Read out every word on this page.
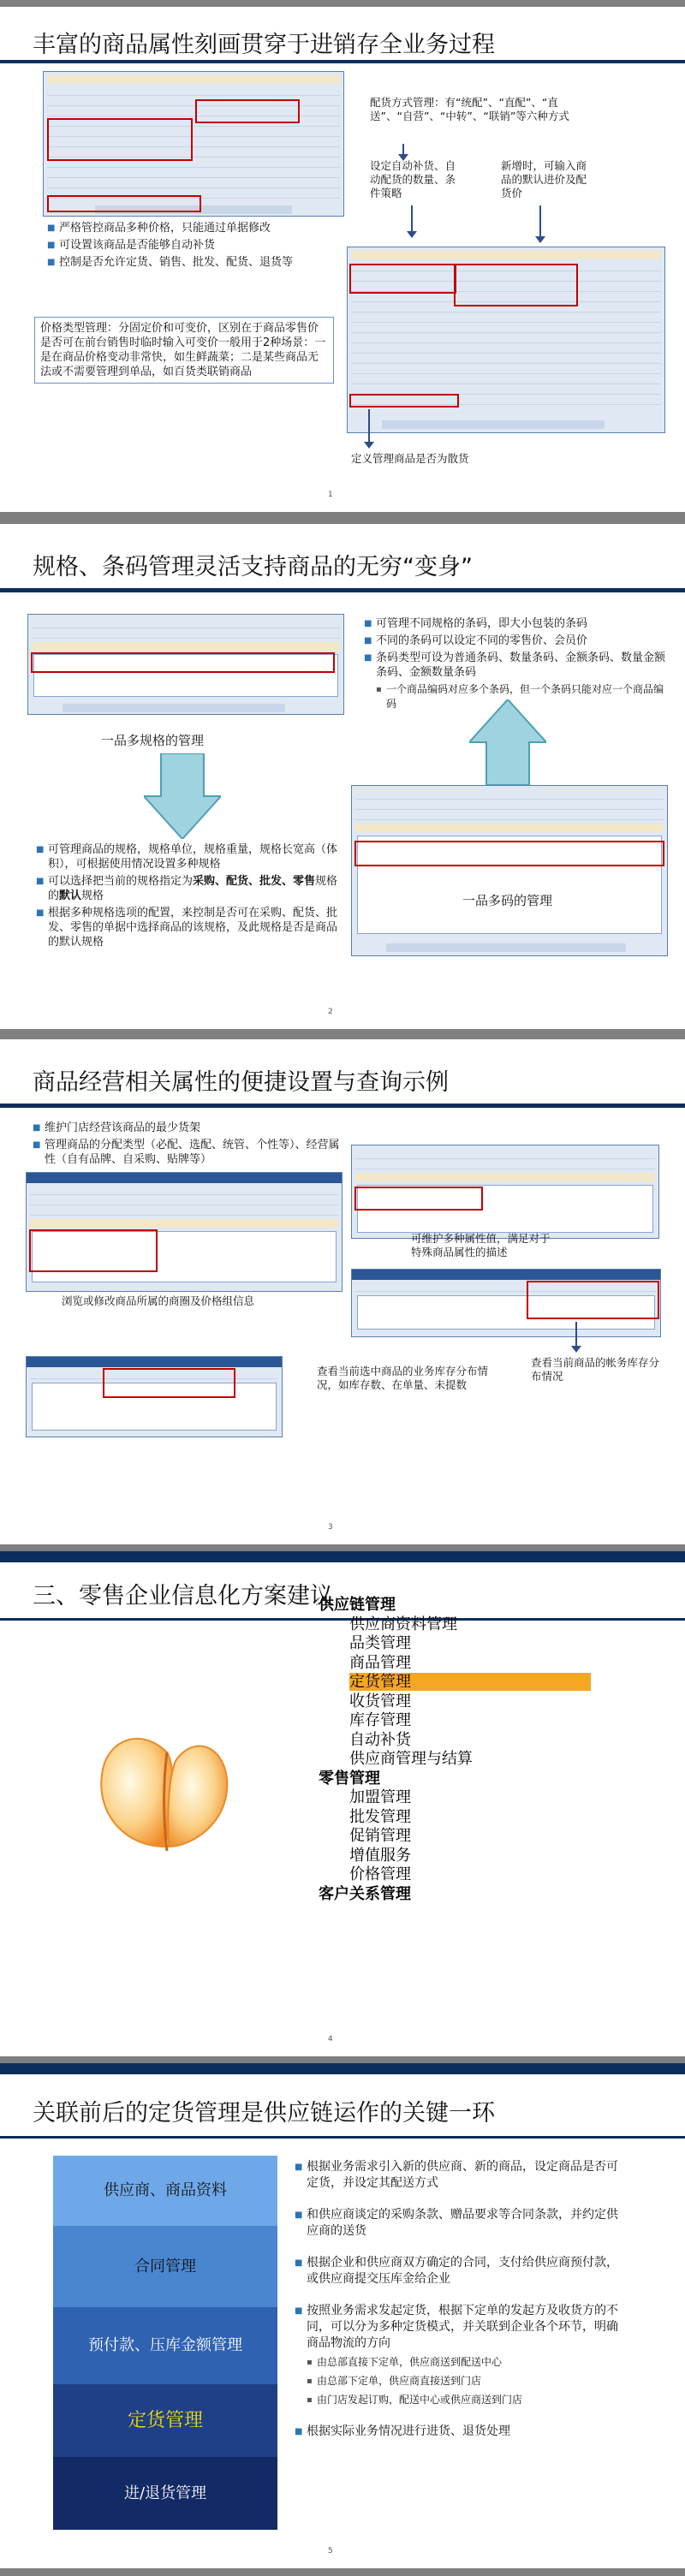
丰富的商品属性刻画贯穿于进销存全业务过程
配货方式管理：有“统配”、“直配”、“直送”、“自营”、“中转”、“联销”等六种方式
设定自动补货、自动配货的数量、条件策略
新增时，可输入商品的默认进价及配货价
■ 严格管控商品多种价格，只能通过单据修改
■ 可设置该商品是否能够自动补货
■ 控制是否允许定货、销售、批发、配货、退货等
价格类型管理：分固定价和可变价，区别在于商品零售价是否可在前台销售时临时输入可变价一般用于2种场景：一是在商品价格变动非常快，如生鲜蔬菜；二是某些商品无法或不需要管理到单品，如百货类联销商品
定义管理商品是否为散货
1
规格、条码管理灵活支持商品的无穷“变身”
一品多规格的管理
■ 可管理不同规格的条码，即大小包装的条码
■ 不同的条码可以设定不同的零售价、会员价
■ 条码类型可设为普通条码、数量条码、金额条码、数量金额条码、金额数量条码
▪ 一个商品编码对应多个条码，但一个条码只能对应一个商品编码
■ 可管理商品的规格，规格单位，规格重量，规格长宽高（体积），可根据使用情况设置多种规格
■ 可以选择把当前的规格指定为采购、配货、批发、零售规格的默认规格
■ 根据多种规格选项的配置，来控制是否可在采购、配货、批发、零售的单据中选择商品的该规格，及此规格是否是商品的默认规格
一品多码的管理
2
商品经营相关属性的便捷设置与查询示例
■ 维护门店经营该商品的最少货架
■ 管理商品的分配类型（必配、选配、统管、个性等）、经营属性（自有品牌、自采购、贴牌等）
浏览或修改商品所属的商圈及价格组信息
可维护多种属性值，满足对于特殊商品属性的描述
查看当前商品的帐务库存分布情况
查看当前选中商品的业务库存分布情况，如库存数、在单量、未提数
3
三、零售企业信息化方案建议
供应链管理
供应商资料管理
品类管理
商品管理
定货管理
收货管理
库存管理
自动补货
供应商管理与结算
零售管理
加盟管理
批发管理
促销管理
增值服务
价格管理
客户关系管理
4
关联前后的定货管理是供应链运作的关键一环
供应商、商品资料
合同管理
预付款、压库金额管理
定货管理
进/退货管理
■ 根据业务需求引入新的供应商、新的商品，设定商品是否可定货，并设定其配送方式
■ 和供应商谈定的采购条款、赠品要求等合同条款，并约定供应商的送货
■ 根据企业和供应商双方确定的合同，支付给供应商预付款，或供应商提交压库金给企业
■ 按照业务需求发起定货，根据下定单的发起方及收货方的不同，可以分为多种定货模式，并关联到企业各个环节，明确商品物流的方向
▪ 由总部直接下定单，供应商送到配送中心
▪ 由总部下定单，供应商直接送到门店
▪ 由门店发起订购，配送中心或供应商送到门店
■ 根据实际业务情况进行进货、退货处理
5
